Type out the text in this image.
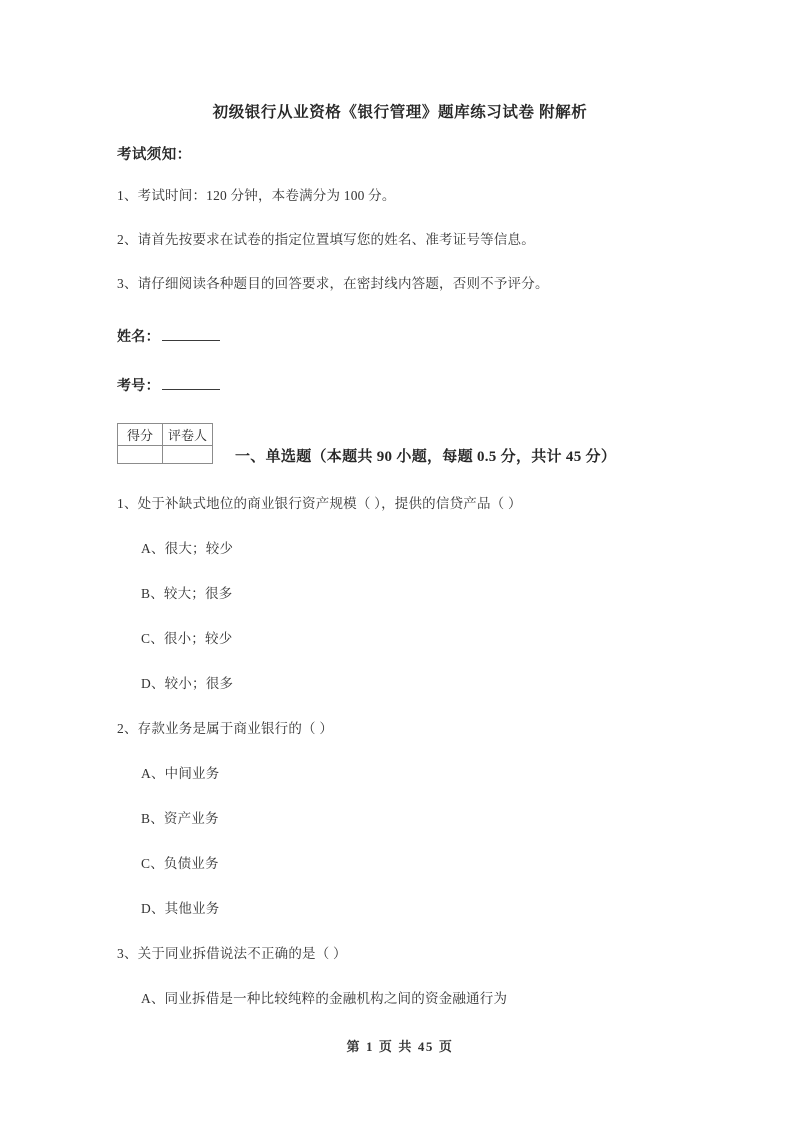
初级银行从业资格《银行管理》题库练习试卷 附解析
考试须知：
1、考试时间：120 分钟，本卷满分为 100 分。
2、请首先按要求在试卷的指定位置填写您的姓名、准考证号等信息。
3、请仔细阅读各种题目的回答要求，在密封线内答题，否则不予评分。
姓名：
考号：
得分	评卷人

一、单选题（本题共 90 小题，每题 0.5 分，共计 45 分）
1、处于补缺式地位的商业银行资产规模（ ），提供的信贷产品（ ）
A、很大；较少
B、较大；很多
C、很小；较少
D、较小；很多
2、存款业务是属于商业银行的（ ）
A、中间业务
B、资产业务
C、负债业务
D、其他业务
3、关于同业拆借说法不正确的是（ ）
A、同业拆借是一种比较纯粹的金融机构之间的资金融通行为
第 1 页 共 45 页
